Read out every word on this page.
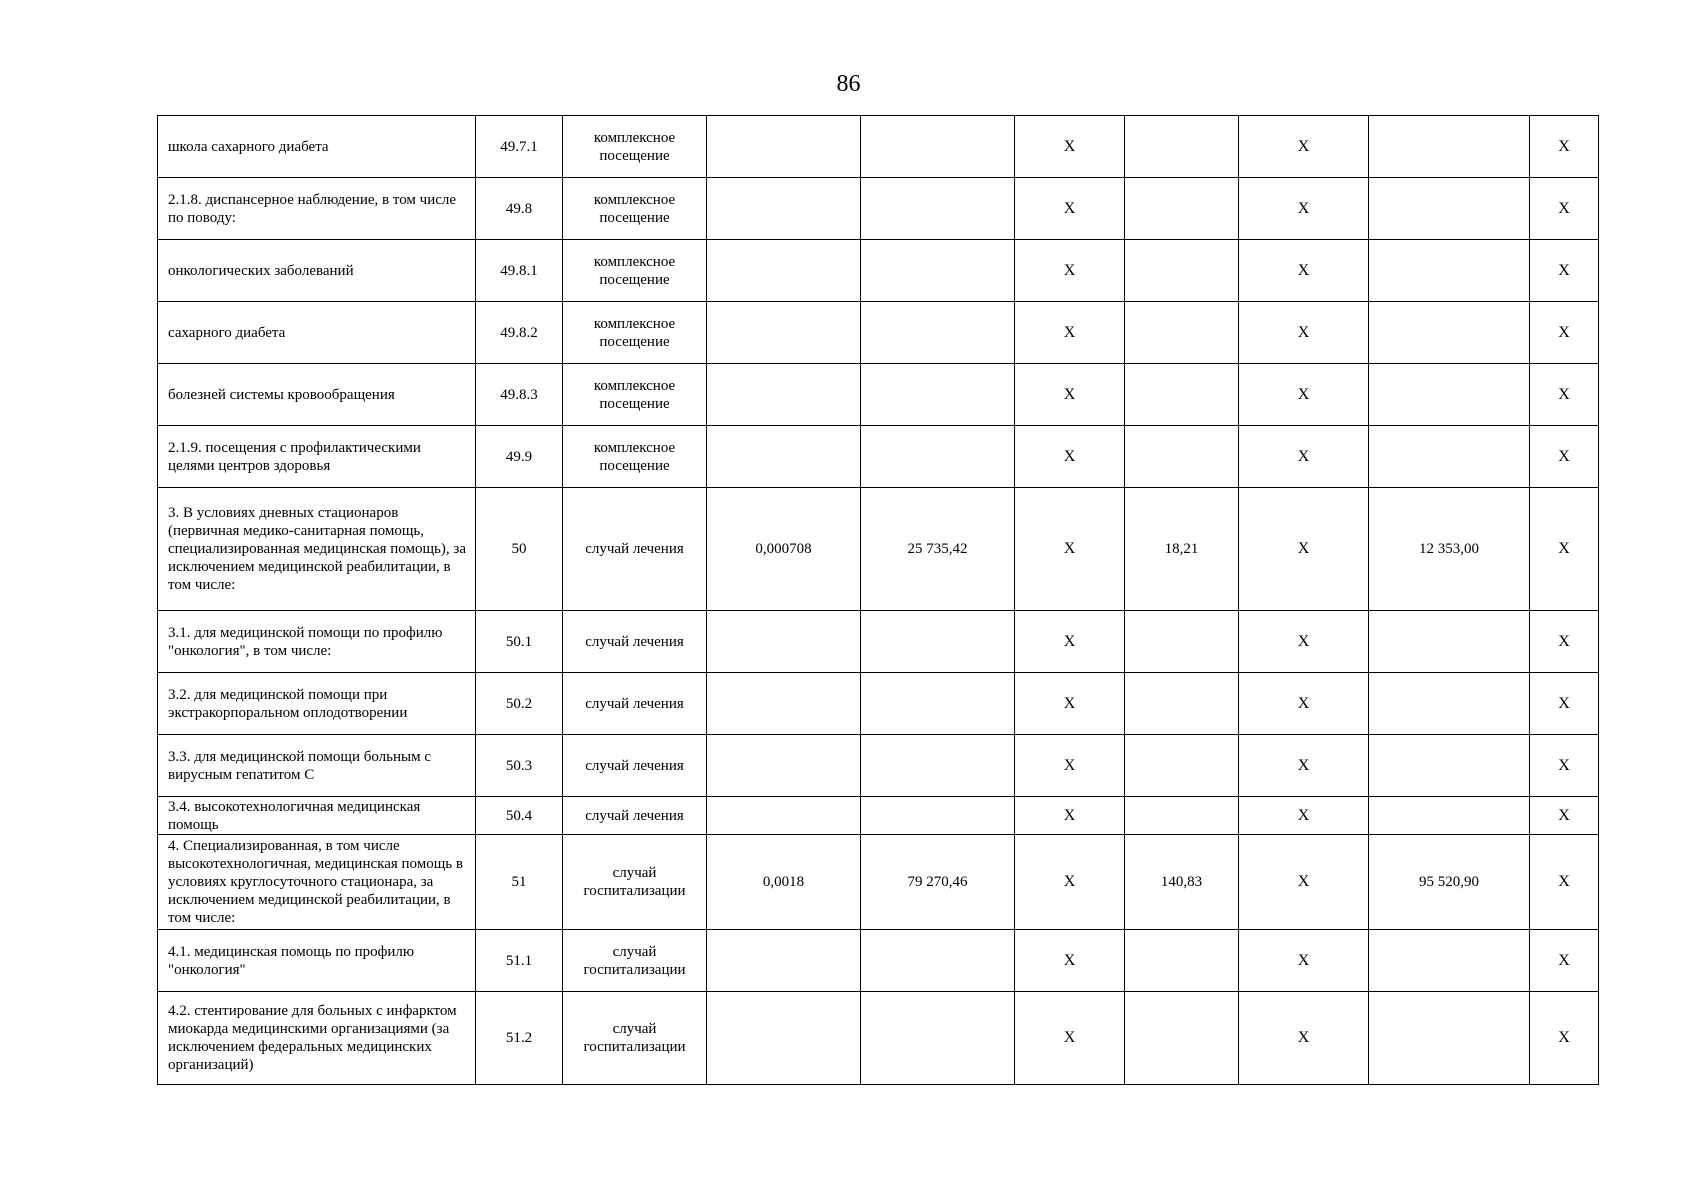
86
школа сахарного диабета	49.7.1	комплексное посещение			Х		Х		Х
2.1.8. диспансерное наблюдение, в том числе по поводу:	49.8	комплексное посещение			Х		Х		Х
онкологических заболеваний	49.8.1	комплексное посещение			Х		Х		Х
сахарного диабета	49.8.2	комплексное посещение			Х		Х		Х
болезней системы кровообращения	49.8.3	комплексное посещение			Х		Х		Х
2.1.9. посещения с профилактическими целями центров здоровья	49.9	комплексное посещение			Х		Х		Х
3. В условиях дневных стационаров (первичная медико-санитарная помощь, специализированная медицинская помощь), за исключением медицинской реабилитации, в том числе:	50	случай лечения	0,000708	25 735,42	Х	18,21	Х	12 353,00	Х
3.1. для медицинской помощи по профилю "онкология", в том числе:	50.1	случай лечения			Х		Х		Х
3.2. для медицинской помощи при экстракорпоральном оплодотворении	50.2	случай лечения			Х		Х		Х
3.3. для медицинской помощи больным с вирусным гепатитом С	50.3	случай лечения			Х		Х		Х
3.4. высокотехнологичная медицинская помощь	50.4	случай лечения			Х		Х		Х
4. Специализированная, в том числе высокотехнологичная, медицинская помощь в условиях круглосуточного стационара, за исключением медицинской реабилитации, в том числе:	51	случай госпитализации	0,0018	79 270,46	Х	140,83	Х	95 520,90	Х
4.1. медицинская помощь по профилю "онкология"	51.1	случай госпитализации			Х		Х		Х
4.2. стентирование для больных с инфарктом миокарда медицинскими организациями (за исключением федеральных медицинских организаций)	51.2	случай госпитализации			Х		Х		Х
